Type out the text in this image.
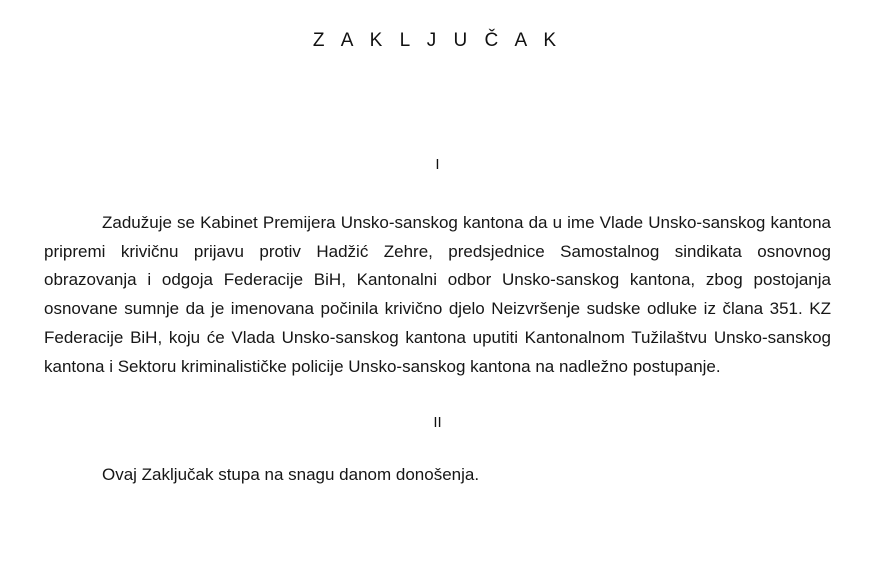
Z A K L J U Č A K
I

Zadužuje se Kabinet Premijera Unsko-sanskog kantona da u ime Vlade Unsko-sanskog kantona pripremi krivičnu prijavu protiv Hadžić Zehre, predsjednice Samostalnog sindikata osnovnog obrazovanja i odgoja Federacije BiH, Kantonalni odbor Unsko-sanskog kantona, zbog postojanja osnovane sumnje da je imenovana počinila krivično djelo Neizvršenje sudske odluke iz člana 351. KZ Federacije BiH, koju će Vlada Unsko-sanskog kantona uputiti Kantonalnom Tužilaštvu Unsko-sanskog kantona i Sektoru kriminalističke policije Unsko-sanskog kantona na nadležno postupanje.

II

Ovaj Zaključak stupa na snagu danom donošenja.
